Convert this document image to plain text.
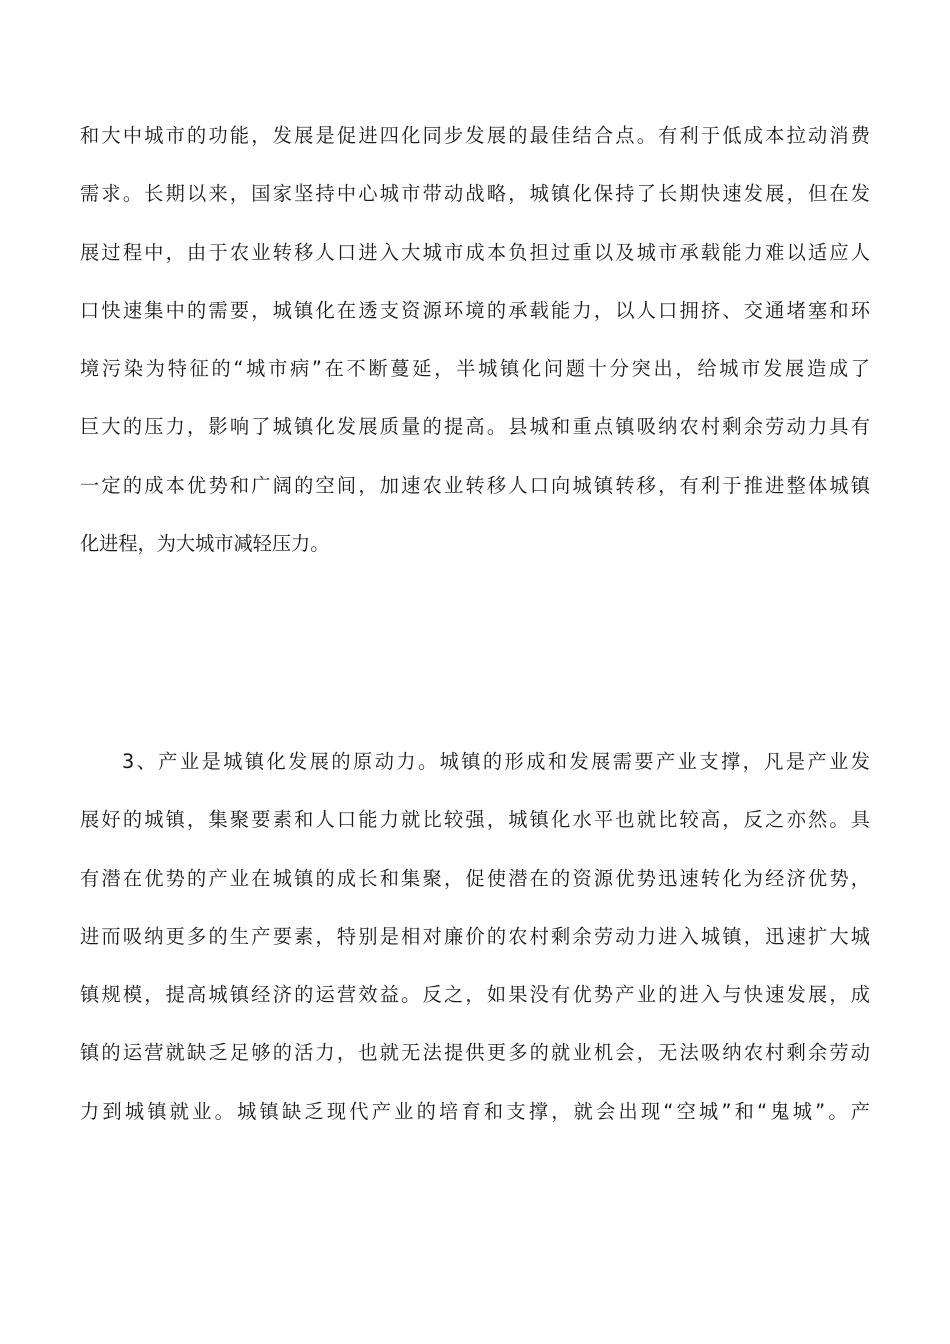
和大中城市的功能，发展是促进四化同步发展的最佳结合点。有利于低成本拉动消费
需求。长期以来，国家坚持中心城市带动战略，城镇化保持了长期快速发展，但在发
展过程中，由于农业转移人口进入大城市成本负担过重以及城市承载能力难以适应人
口快速集中的需要，城镇化在透支资源环境的承载能力，以人口拥挤、交通堵塞和环
境污染为特征的“城市病”在不断蔓延，半城镇化问题十分突出，给城市发展造成了
巨大的压力，影响了城镇化发展质量的提高。县城和重点镇吸纳农村剩余劳动力具有
一定的成本优势和广阔的空间，加速农业转移人口向城镇转移，有利于推进整体城镇
化进程，为大城市减轻压力。
3、产业是城镇化发展的原动力。城镇的形成和发展需要产业支撑，凡是产业发
展好的城镇，集聚要素和人口能力就比较强，城镇化水平也就比较高，反之亦然。具
有潜在优势的产业在城镇的成长和集聚，促使潜在的资源优势迅速转化为经济优势，
进而吸纳更多的生产要素，特别是相对廉价的农村剩余劳动力进入城镇，迅速扩大城
镇规模，提高城镇经济的运营效益。反之，如果没有优势产业的进入与快速发展，成
镇的运营就缺乏足够的活力，也就无法提供更多的就业机会，无法吸纳农村剩余劳动
力到城镇就业。城镇缺乏现代产业的培育和支撑，就会出现“空城”和“鬼城”。产
